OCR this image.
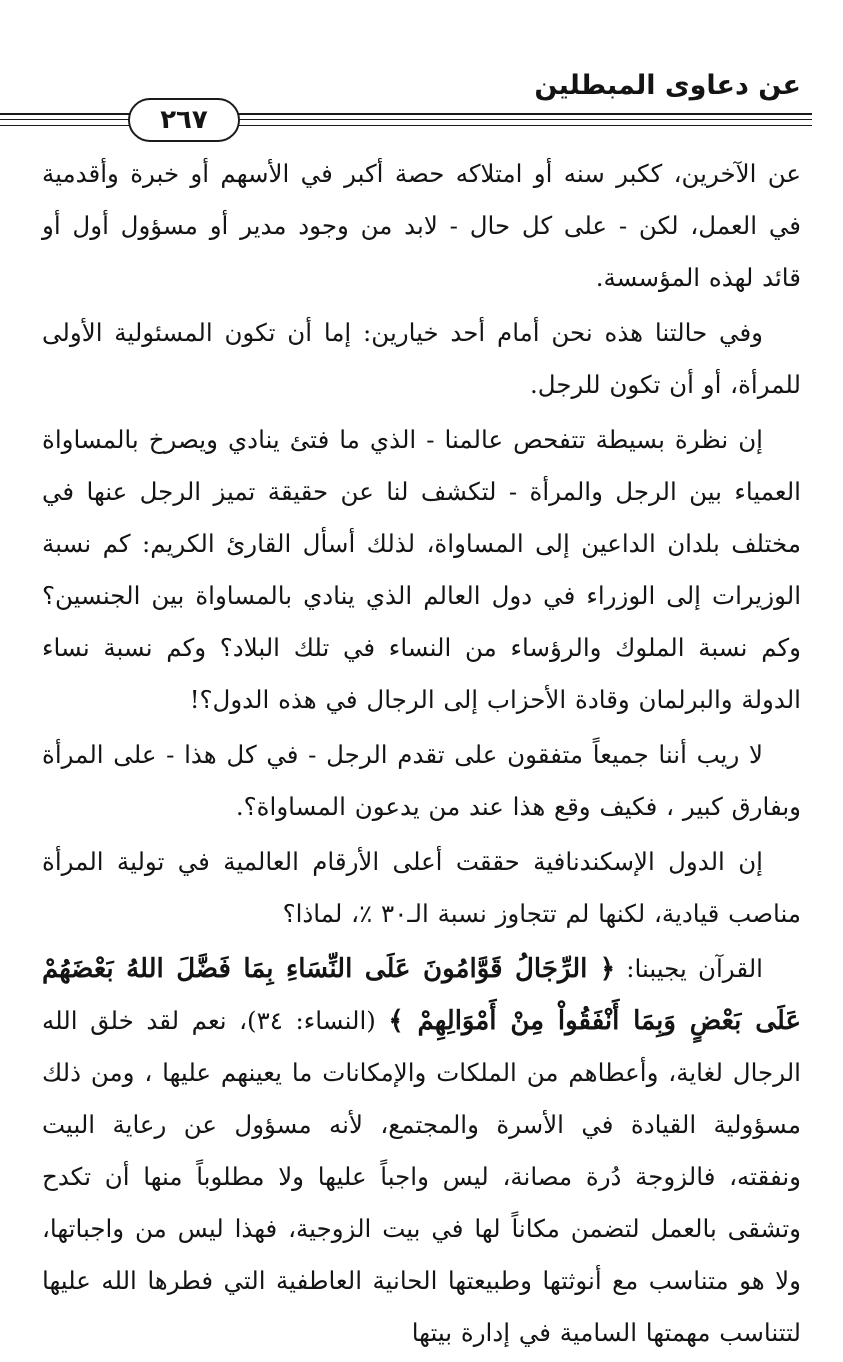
عن دعاوى المبطلين
٢٦٧

عن الآخرين، ككبر سنه أو امتلاكه حصة أكبر في الأسهم أو خبرة وأقدمية في العمل، لكن - على كل حال - لابد من وجود مدير أو مسؤول أول أو قائد لهذه المؤسسة.

وفي حالتنا هذه نحن أمام أحد خيارين: إما أن تكون المسئولية الأولى للمرأة، أو أن تكون للرجل.

إن نظرة بسيطة تتفحص عالمنا - الذي ما فتئ ينادي ويصرخ بالمساواة العمياء بين الرجل والمرأة - لتكشف لنا عن حقيقة تميز الرجل عنها في مختلف بلدان الداعين إلى المساواة، لذلك أسأل القارئ الكريم: كم نسبة الوزيرات إلى الوزراء في دول العالم الذي ينادي بالمساواة بين الجنسين؟ وكم نسبة الملوك والرؤساء من النساء في تلك البلاد؟ وكم نسبة نساء الدولة والبرلمان وقادة الأحزاب إلى الرجال في هذه الدول؟!

لا ريب أننا جميعاً متفقون على تقدم الرجل - في كل هذا - على المرأة وبفارق كبير ، فكيف وقع هذا عند من يدعون المساواة؟.

إن الدول الإسكندنافية حققت أعلى الأرقام العالمية في تولية المرأة مناصب قيادية، لكنها لم تتجاوز نسبة الـ٣٠ ٪، لماذا؟

القرآن يجيبنا: ﴿ الرِّجَالُ قَوَّامُونَ عَلَى النِّسَاءِ بِمَا فَضَّلَ اللهُ بَعْضَهُمْ عَلَى بَعْضٍ وَبِمَا أَنْفَقُواْ مِنْ أَمْوَالِهِمْ ﴾ (النساء: ٣٤)، نعم لقد خلق الله الرجال لغاية، وأعطاهم من الملكات والإمكانات ما يعينهم عليها ، ومن ذلك مسؤولية القيادة في الأسرة والمجتمع، لأنه مسؤول عن رعاية البيت ونفقته، فالزوجة دُرة مصانة، ليس واجباً عليها ولا مطلوباً منها أن تكدح وتشقى بالعمل لتضمن مكاناً لها في بيت الزوجية، فهذا ليس من واجباتها، ولا هو متناسب مع أنوثتها وطبيعتها الحانية العاطفية التي فطرها الله عليها لتتناسب مهمتها السامية في إدارة بيتها
